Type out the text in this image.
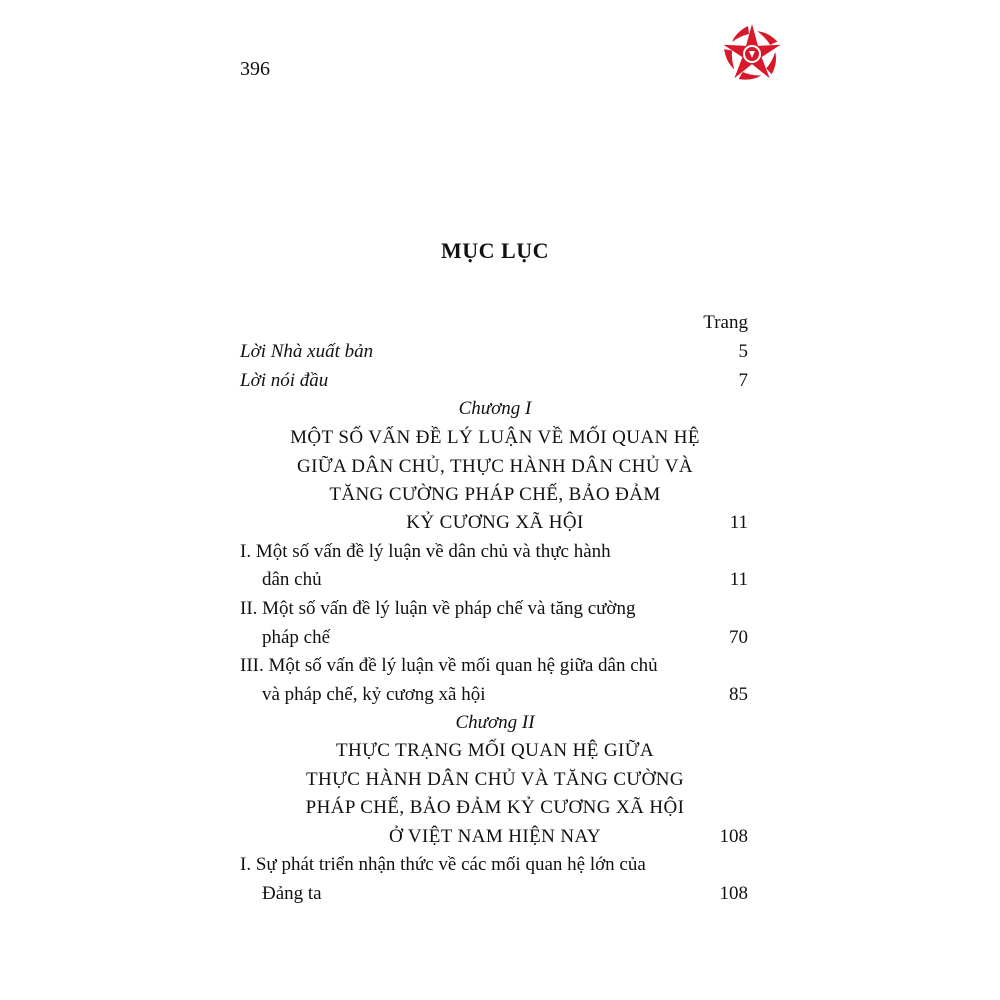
396
MỤC LỤC
Trang
Lời Nhà xuất bản	5
Lời nói đầu	7
Chương I
MỘT SỐ VẤN ĐỀ LÝ LUẬN VỀ MỐI QUAN HỆ
GIỮA DÂN CHỦ, THỰC HÀNH DÂN CHỦ VÀ
TĂNG CƯỜNG PHÁP CHẾ, BẢO ĐẢM
KỶ CƯƠNG XÃ HỘI	11
I. Một số vấn đề lý luận về dân chủ và thực hành
dân chủ	11
II. Một số vấn đề lý luận về pháp chế và tăng cường
pháp chế	70
III. Một số vấn đề lý luận về mối quan hệ giữa dân chủ
và pháp chế, kỷ cương xã hội	85
Chương II
THỰC TRẠNG MỐI QUAN HỆ GIỮA
THỰC HÀNH DÂN CHỦ VÀ TĂNG CƯỜNG
PHÁP CHẾ, BẢO ĐẢM KỶ CƯƠNG XÃ HỘI
Ở VIỆT NAM HIỆN NAY	108
I. Sự phát triển nhận thức về các mối quan hệ lớn của
Đảng ta	108
